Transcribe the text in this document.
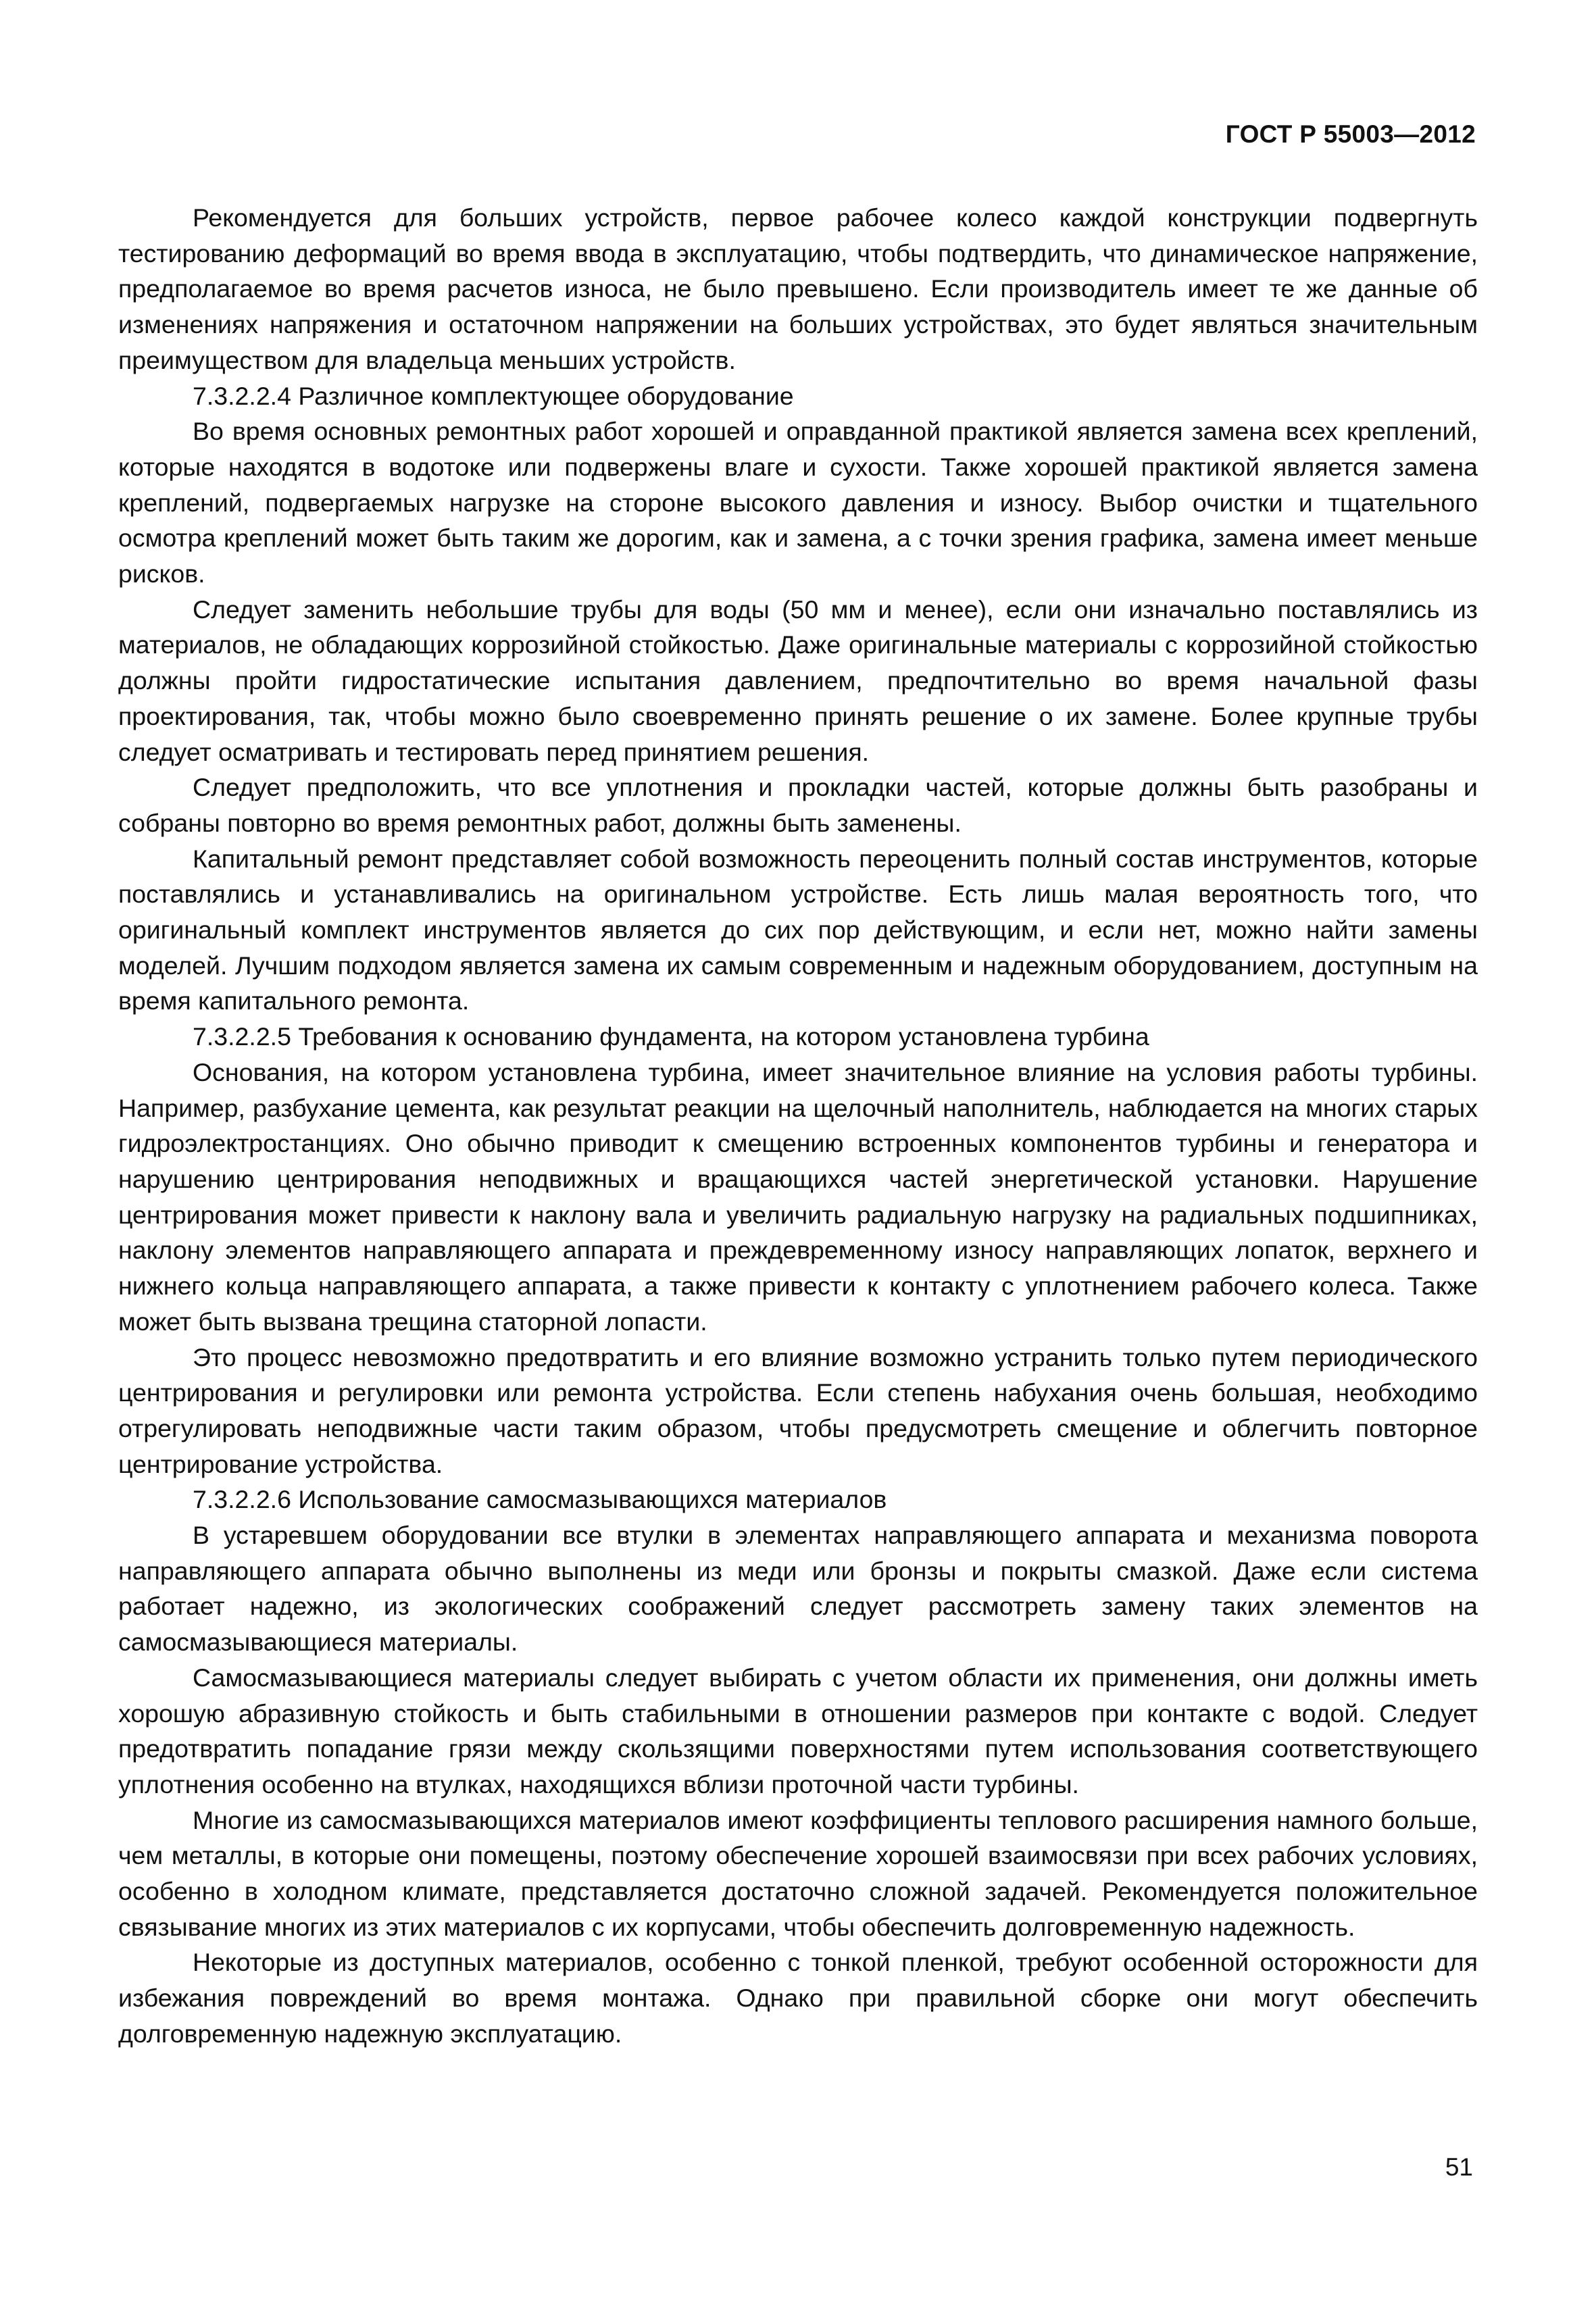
ГОСТ Р 55003—2012

Рекомендуется для больших устройств, первое рабочее колесо каждой конструкции подвергнуть тестированию деформаций во время ввода в эксплуатацию, чтобы подтвердить, что динамическое напряжение, предполагаемое во время расчетов износа, не было превышено. Если производитель имеет те же данные об изменениях напряжения и остаточном напряжении на больших устройствах, это будет являться значительным преимуществом для владельца меньших устройств.

7.3.2.2.4 Различное комплектующее оборудование

Во время основных ремонтных работ хорошей и оправданной практикой является замена всех креплений, которые находятся в водотоке или подвержены влаге и сухости. Также хорошей практикой является замена креплений, подвергаемых нагрузке на стороне высокого давления и износу. Выбор очистки и тщательного осмотра креплений может быть таким же дорогим, как и замена, а с точки зрения графика, замена имеет меньше рисков.

Следует заменить небольшие трубы для воды (50 мм и менее), если они изначально поставлялись из материалов, не обладающих коррозийной стойкостью. Даже оригинальные материалы с коррозийной стойкостью должны пройти гидростатические испытания давлением, предпочтительно во время начальной фазы проектирования, так, чтобы можно было своевременно принять решение о их замене. Более крупные трубы следует осматривать и тестировать перед принятием решения.

Следует предположить, что все уплотнения и прокладки частей, которые должны быть разобраны и собраны повторно во время ремонтных работ, должны быть заменены.

Капитальный ремонт представляет собой возможность переоценить полный состав инструментов, которые поставлялись и устанавливались на оригинальном устройстве. Есть лишь малая вероятность того, что оригинальный комплект инструментов является до сих пор действующим, и если нет, можно найти замены моделей. Лучшим подходом является замена их самым современным и надежным оборудованием, доступным на время капитального ремонта.

7.3.2.2.5 Требования к основанию фундамента, на котором установлена турбина

Основания, на котором установлена турбина, имеет значительное влияние на условия работы турбины. Например, разбухание цемента, как результат реакции на щелочный наполнитель, наблюдается на многих старых гидроэлектростанциях. Оно обычно приводит к смещению встроенных компонентов турбины и генератора и нарушению центрирования неподвижных и вращающихся частей энергетической установки. Нарушение центрирования может привести к наклону вала и увеличить радиальную нагрузку на радиальных подшипниках, наклону элементов направляющего аппарата и преждевременному износу направляющих лопаток, верхнего и нижнего кольца направляющего аппарата, а также привести к контакту с уплотнением рабочего колеса. Также может быть вызвана трещина статорной лопасти.

Это процесс невозможно предотвратить и его влияние возможно устранить только путем периодического центрирования и регулировки или ремонта устройства. Если степень набухания очень большая, необходимо отрегулировать неподвижные части таким образом, чтобы предусмотреть смещение и облегчить повторное центрирование устройства.

7.3.2.2.6 Использование самосмазывающихся материалов

В устаревшем оборудовании все втулки в элементах направляющего аппарата и механизма поворота направляющего аппарата обычно выполнены из меди или бронзы и покрыты смазкой. Даже если система работает надежно, из экологических соображений следует рассмотреть замену таких элементов на самосмазывающиеся материалы.

Самосмазывающиеся материалы следует выбирать с учетом области их применения, они должны иметь хорошую абразивную стойкость и быть стабильными в отношении размеров при контакте с водой. Следует предотвратить попадание грязи между скользящими поверхностями путем использования соответствующего уплотнения особенно на втулках, находящихся вблизи проточной части турбины.

Многие из самосмазывающихся материалов имеют коэффициенты теплового расширения намного больше, чем металлы, в которые они помещены, поэтому обеспечение хорошей взаимосвязи при всех рабочих условиях, особенно в холодном климате, представляется достаточно сложной задачей. Рекомендуется положительное связывание многих из этих материалов с их корпусами, чтобы обеспечить долговременную надежность.

Некоторые из доступных материалов, особенно с тонкой пленкой, требуют особенной осторожности для избежания повреждений во время монтажа. Однако при правильной сборке они могут обеспечить долговременную надежную эксплуатацию.

51
